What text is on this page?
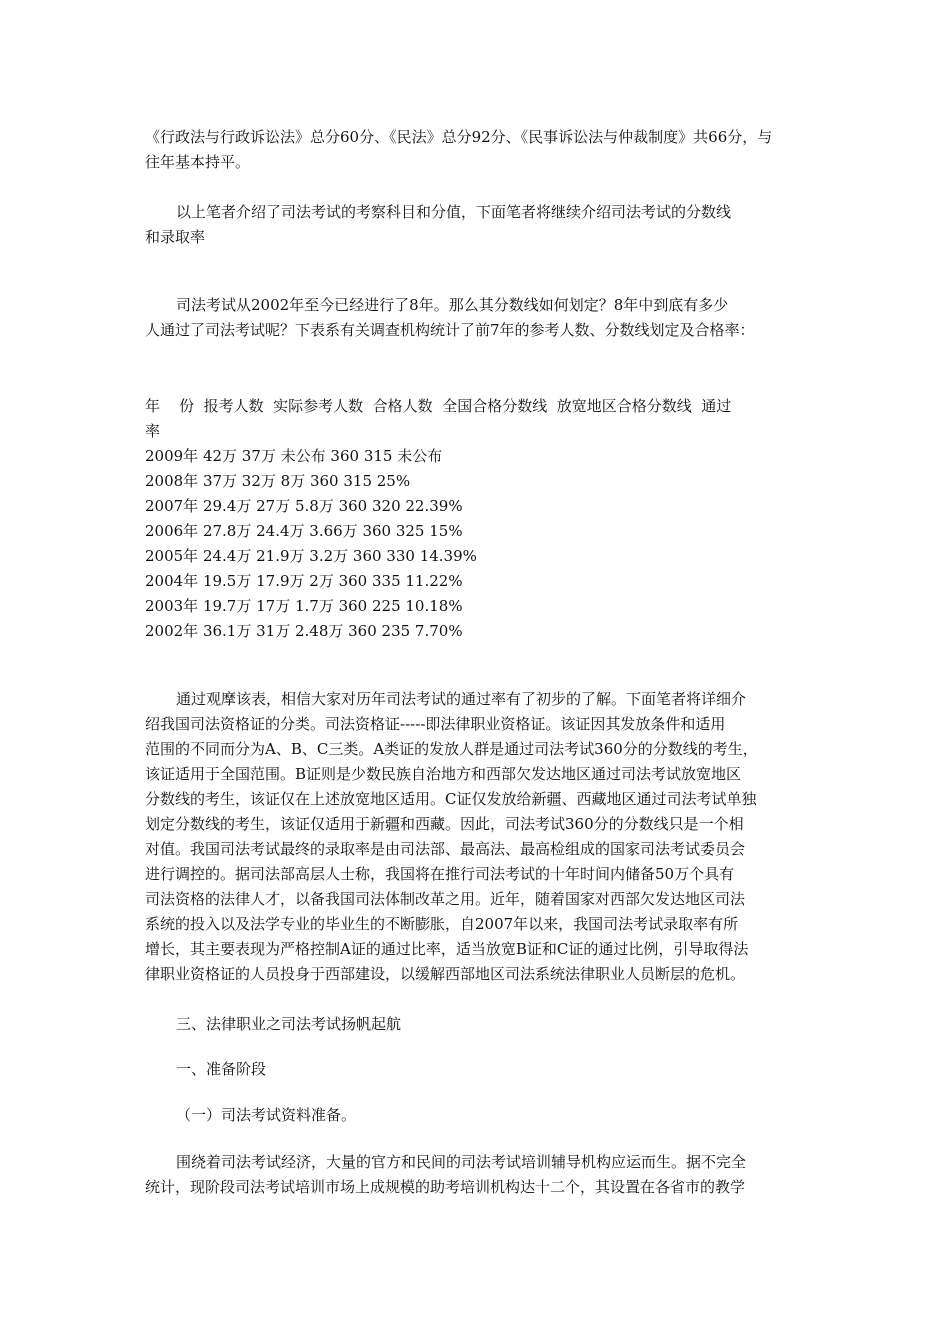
《行政法与行政诉讼法》总分60分、《民法》总分92分、《民事诉讼法与仲裁制度》共66分，与
往年基本持平。
以上笔者介绍了司法考试的考察科目和分值，下面笔者将继续介绍司法考试的分数线
和录取率
司法考试从2002年至今已经进行了8年。那么其分数线如何划定？8年中到底有多少
人通过了司法考试呢？下表系有关调查机构统计了前7年的参考人数、分数线划定及合格率：
年    份  报考人数  实际参考人数  合格人数  全国合格分数线  放宽地区合格分数线  通过
率
2009年 42万 37万 未公布 360 315 未公布
2008年 37万 32万 8万 360 315 25%
2007年 29.4万 27万 5.8万 360 320 22.39%
2006年 27.8万 24.4万 3.66万 360 325 15%
2005年 24.4万 21.9万 3.2万 360 330 14.39%
2004年 19.5万 17.9万 2万 360 335 11.22%
2003年 19.7万 17万 1.7万 360 225 10.18%
2002年 36.1万 31万 2.48万 360 235 7.70%
通过观摩该表，相信大家对历年司法考试的通过率有了初步的了解。下面笔者将详细介
绍我国司法资格证的分类。司法资格证-----即法律职业资格证。该证因其发放条件和适用
范围的不同而分为A、B、C三类。A类证的发放人群是通过司法考试360分的分数线的考生，
该证适用于全国范围。B证则是少数民族自治地方和西部欠发达地区通过司法考试放宽地区
分数线的考生，该证仅在上述放宽地区适用。C证仅发放给新疆、西藏地区通过司法考试单独
划定分数线的考生，该证仅适用于新疆和西藏。因此，司法考试360分的分数线只是一个相
对值。我国司法考试最终的录取率是由司法部、最高法、最高检组成的国家司法考试委员会
进行调控的。据司法部高层人士称，我国将在推行司法考试的十年时间内储备50万个具有
司法资格的法律人才，以备我国司法体制改革之用。近年，随着国家对西部欠发达地区司法
系统的投入以及法学专业的毕业生的不断膨胀，自2007年以来，我国司法考试录取率有所
增长，其主要表现为严格控制A证的通过比率，适当放宽B证和C证的通过比例，引导取得法
律职业资格证的人员投身于西部建设，以缓解西部地区司法系统法律职业人员断层的危机。
三、法律职业之司法考试扬帆起航
一、准备阶段
（一）司法考试资料准备。
围绕着司法考试经济，大量的官方和民间的司法考试培训辅导机构应运而生。据不完全
统计，现阶段司法考试培训市场上成规模的助考培训机构达十二个，其设置在各省市的教学
